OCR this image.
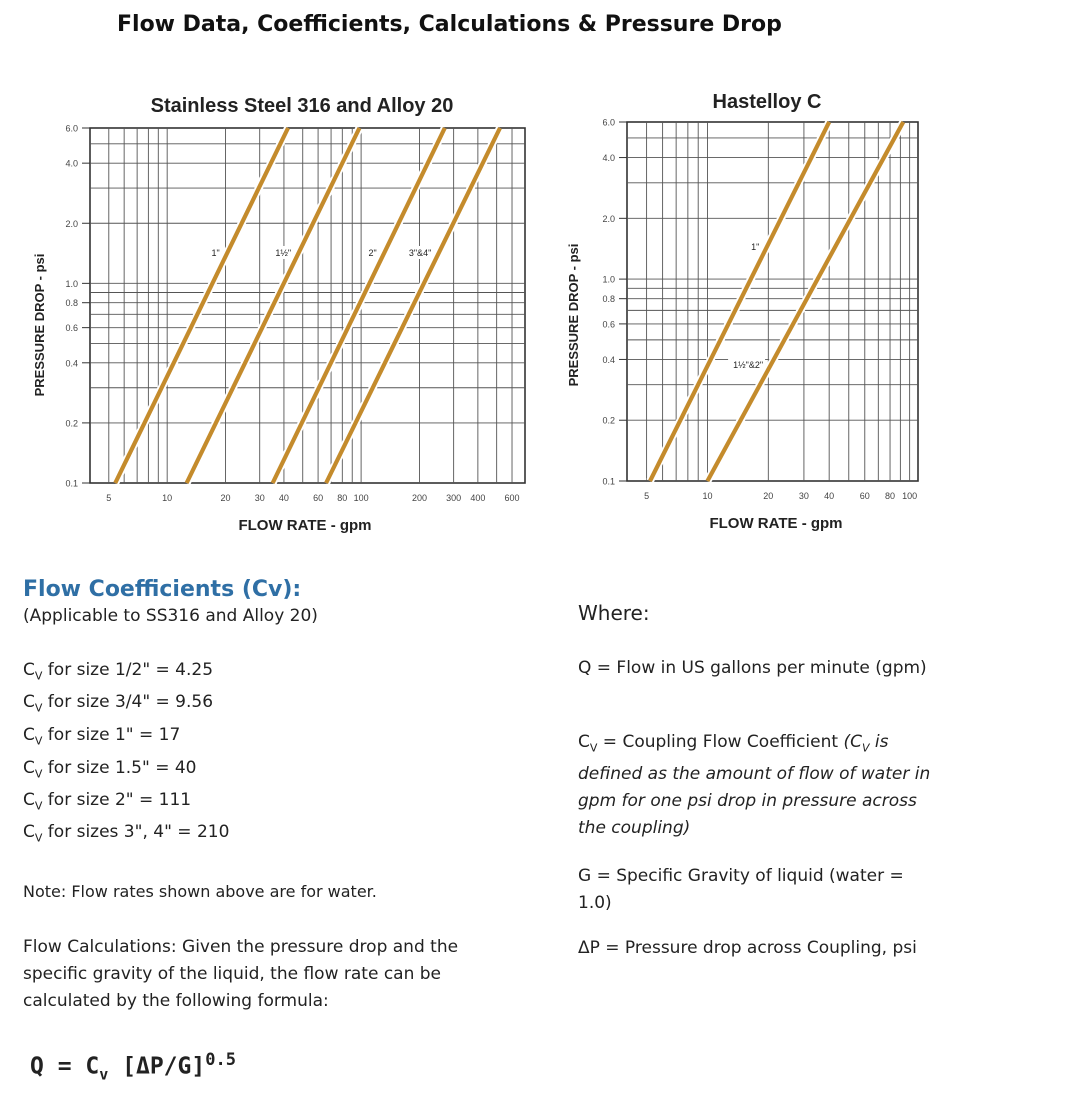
Flow Data, Coefficients, Calculations & Pressure Drop
0.1
0.2
0.4
0.6
0.8
1.0
2.0
4.0
6.0
5	10	20	30 40	60 80 100	200 300 400 600
1"	1½"	2"	3"&4"
Stainless Steel 316 and Alloy 20
FLOW RATE - gpm
PRESSURE DROP - psi
0.1
0.2
0.4
0.6
0.8
1.0
2.0
4.0
6.0
5	10	20	30 40	60 80 100
1"
1½"&2"
Hastelloy C
FLOW RATE - gpm
PRESSURE DROP - psi
Flow Coefficients (Cv):
(Applicable to SS316 and Alloy 20)
$C_V$ for size 1/2" = 4.25
$C_V$ for size 3/4" = 9.56
$C_V$ for size 1" = 17
$C_V$ for size 1.5" = 40
$C_V$ for size 2" = 111
$C_V$ for sizes 3", 4" = 210
Note: Flow rates shown above are for water.
Flow Calculations: Given the pressure drop and the specific gravity of the liquid, the flow rate can be calculated by the following formula:
$Q = C_v$ $[\Delta P/G]^{0.5}$
Where:
Q = Flow in US gallons per minute (gpm)
$C_V$ = Coupling Flow Coefficient ($C_V$ is defined as the amount of flow of water in gpm for one psi drop in pressure across the coupling)
G = Specific Gravity of liquid (water = 1.0)
ΔP = Pressure drop across Coupling, psi
